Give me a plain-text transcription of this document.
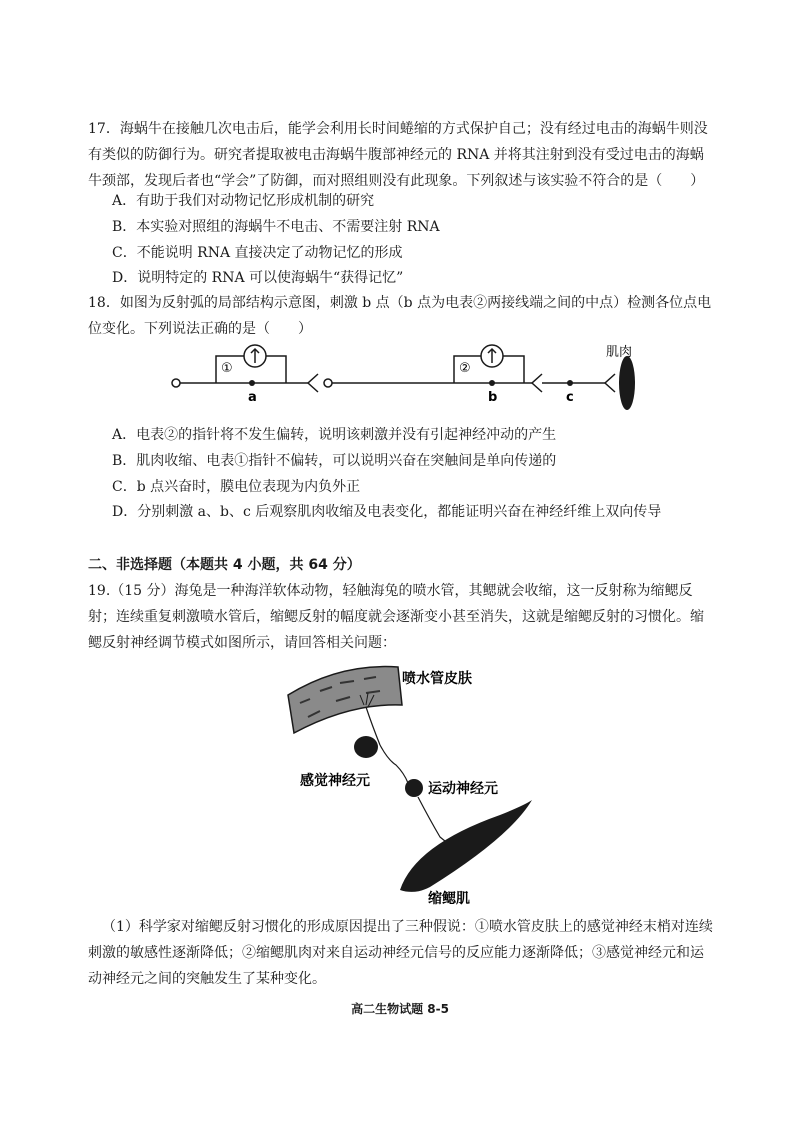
17．海蜗牛在接触几次电击后，能学会利用长时间蜷缩的方式保护自己；没有经过电击的海蜗牛则没有类似的防御行为。研究者提取被电击海蜗牛腹部神经元的 RNA 并将其注射到没有受过电击的海蜗牛颈部，发现后者也“学会”了防御，而对照组则没有此现象。下列叙述与该实验不符合的是（　　）

A．有助于我们对动物记忆形成机制的研究

B．本实验对照组的海蜗牛不电击、不需要注射 RNA

C．不能说明 RNA 直接决定了动物记忆的形成

D．说明特定的 RNA 可以使海蜗牛“获得记忆”

18．如图为反射弧的局部结构示意图，刺激 b 点（b 点为电表②两接线端之间的中点）检测各位点电位变化。下列说法正确的是（　　）

①	②
a	b	c
肌肉

A．电表②的指针将不发生偏转，说明该刺激并没有引起神经冲动的产生

B．肌肉收缩、电表①指针不偏转，可以说明兴奋在突触间是单向传递的

C．b 点兴奋时，膜电位表现为内负外正

D．分别刺激 a、b、c 后观察肌肉收缩及电表变化，都能证明兴奋在神经纤维上双向传导

二、非选择题（本题共 4 小题，共 64 分）

19.（15 分）海兔是一种海洋软体动物，轻触海兔的喷水管，其鳃就会收缩，这一反射称为缩鳃反射；连续重复刺激喷水管后，缩鳃反射的幅度就会逐渐变小甚至消失，这就是缩鳃反射的习惯化。缩鳃反射神经调节模式如图所示，请回答相关问题：

喷水管皮肤
感觉神经元	运动神经元
缩鳃肌

（1）科学家对缩鳃反射习惯化的形成原因提出了三种假说：①喷水管皮肤上的感觉神经末梢对连续刺激的敏感性逐渐降低；②缩鳃肌肉对来自运动神经元信号的反应能力逐渐降低；③感觉神经元和运动神经元之间的突触发生了某种变化。

高二生物试题 8-5
